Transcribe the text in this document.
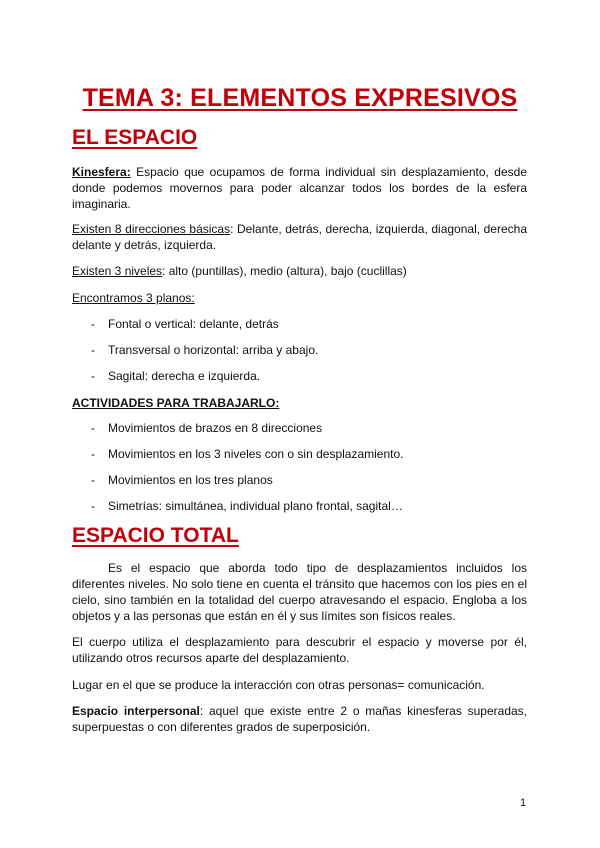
TEMA 3: ELEMENTOS EXPRESIVOS
EL ESPACIO

Kinesfera: Espacio que ocupamos de forma individual sin desplazamiento, desde donde podemos movernos para poder alcanzar todos los bordes de la esfera imaginaria.

Existen 8 direcciones básicas: Delante, detrás, derecha, izquierda, diagonal, derecha delante y detrás, izquierda.

Existen 3 niveles: alto (puntillas), medio (altura), bajo (cuclillas)

Encontramos 3 planos:

- Fontal o vertical: delante, detrás

- Transversal o horizontal: arriba y abajo.

- Sagital: derecha e izquierda.

ACTIVIDADES PARA TRABAJARLO:

- Movimientos de brazos en 8 direcciones

- Movimientos en los 3 niveles con o sin desplazamiento.

- Movimientos en los tres planos

- Simetrías: simultánea, individual plano frontal, sagital…

ESPACIO TOTAL

Es el espacio que aborda todo tipo de desplazamientos incluidos los diferentes niveles. No solo tiene en cuenta el tránsito que hacemos con los pies en el cielo, sino también en la totalidad del cuerpo atravesando el espacio. Engloba a los objetos y a las personas que están en él y sus límites son físicos reales.

El cuerpo utiliza el desplazamiento para descubrir el espacio y moverse por él, utilizando otros recursos aparte del desplazamiento.

Lugar en el que se produce la interacción con otras personas= comunicación.

Espacio interpersonal: aquel que existe entre 2 o mañas kinesferas superadas, superpuestas o con diferentes grados de superposición.

1
